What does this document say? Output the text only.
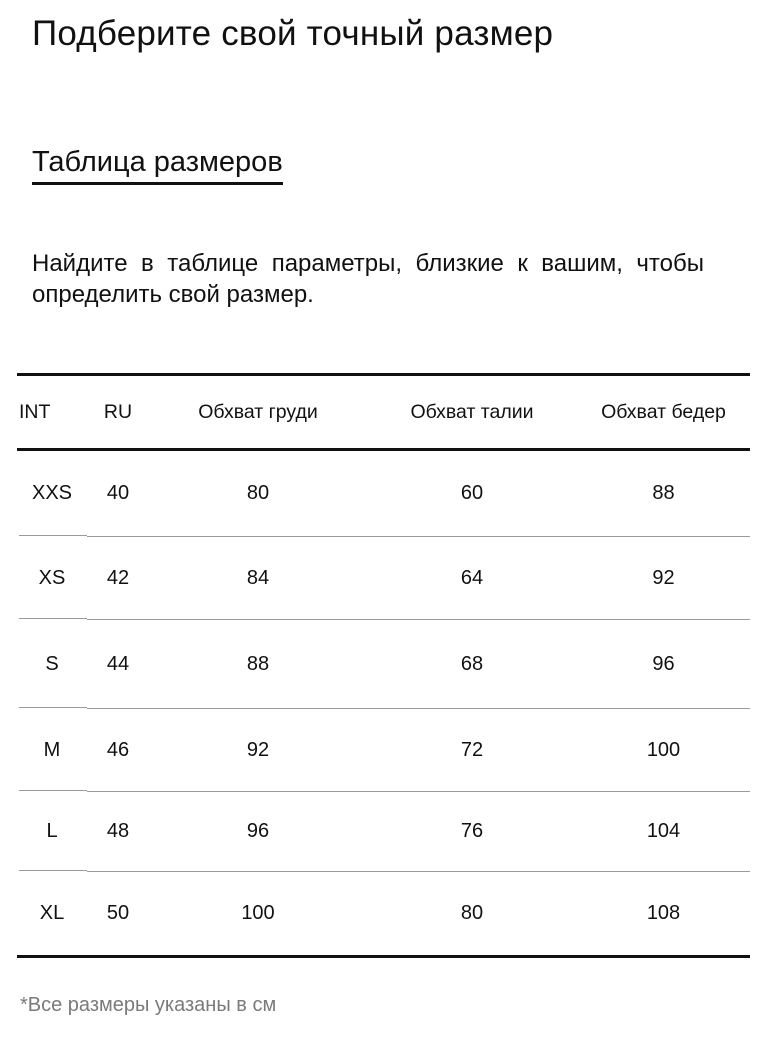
Подберите свой точный размер
Таблица размеров
Найдите в таблице параметры, близкие к вашим, чтобы определить свой размер.
INT	RU	Обхват груди	Обхват талии	Обхват бедер
XXS	40	80	60	88
XS	42	84	64	92
S	44	88	68	96
M	46	92	72	100
L	48	96	76	104
XL	50	100	80	108
*Все размеры указаны в см
